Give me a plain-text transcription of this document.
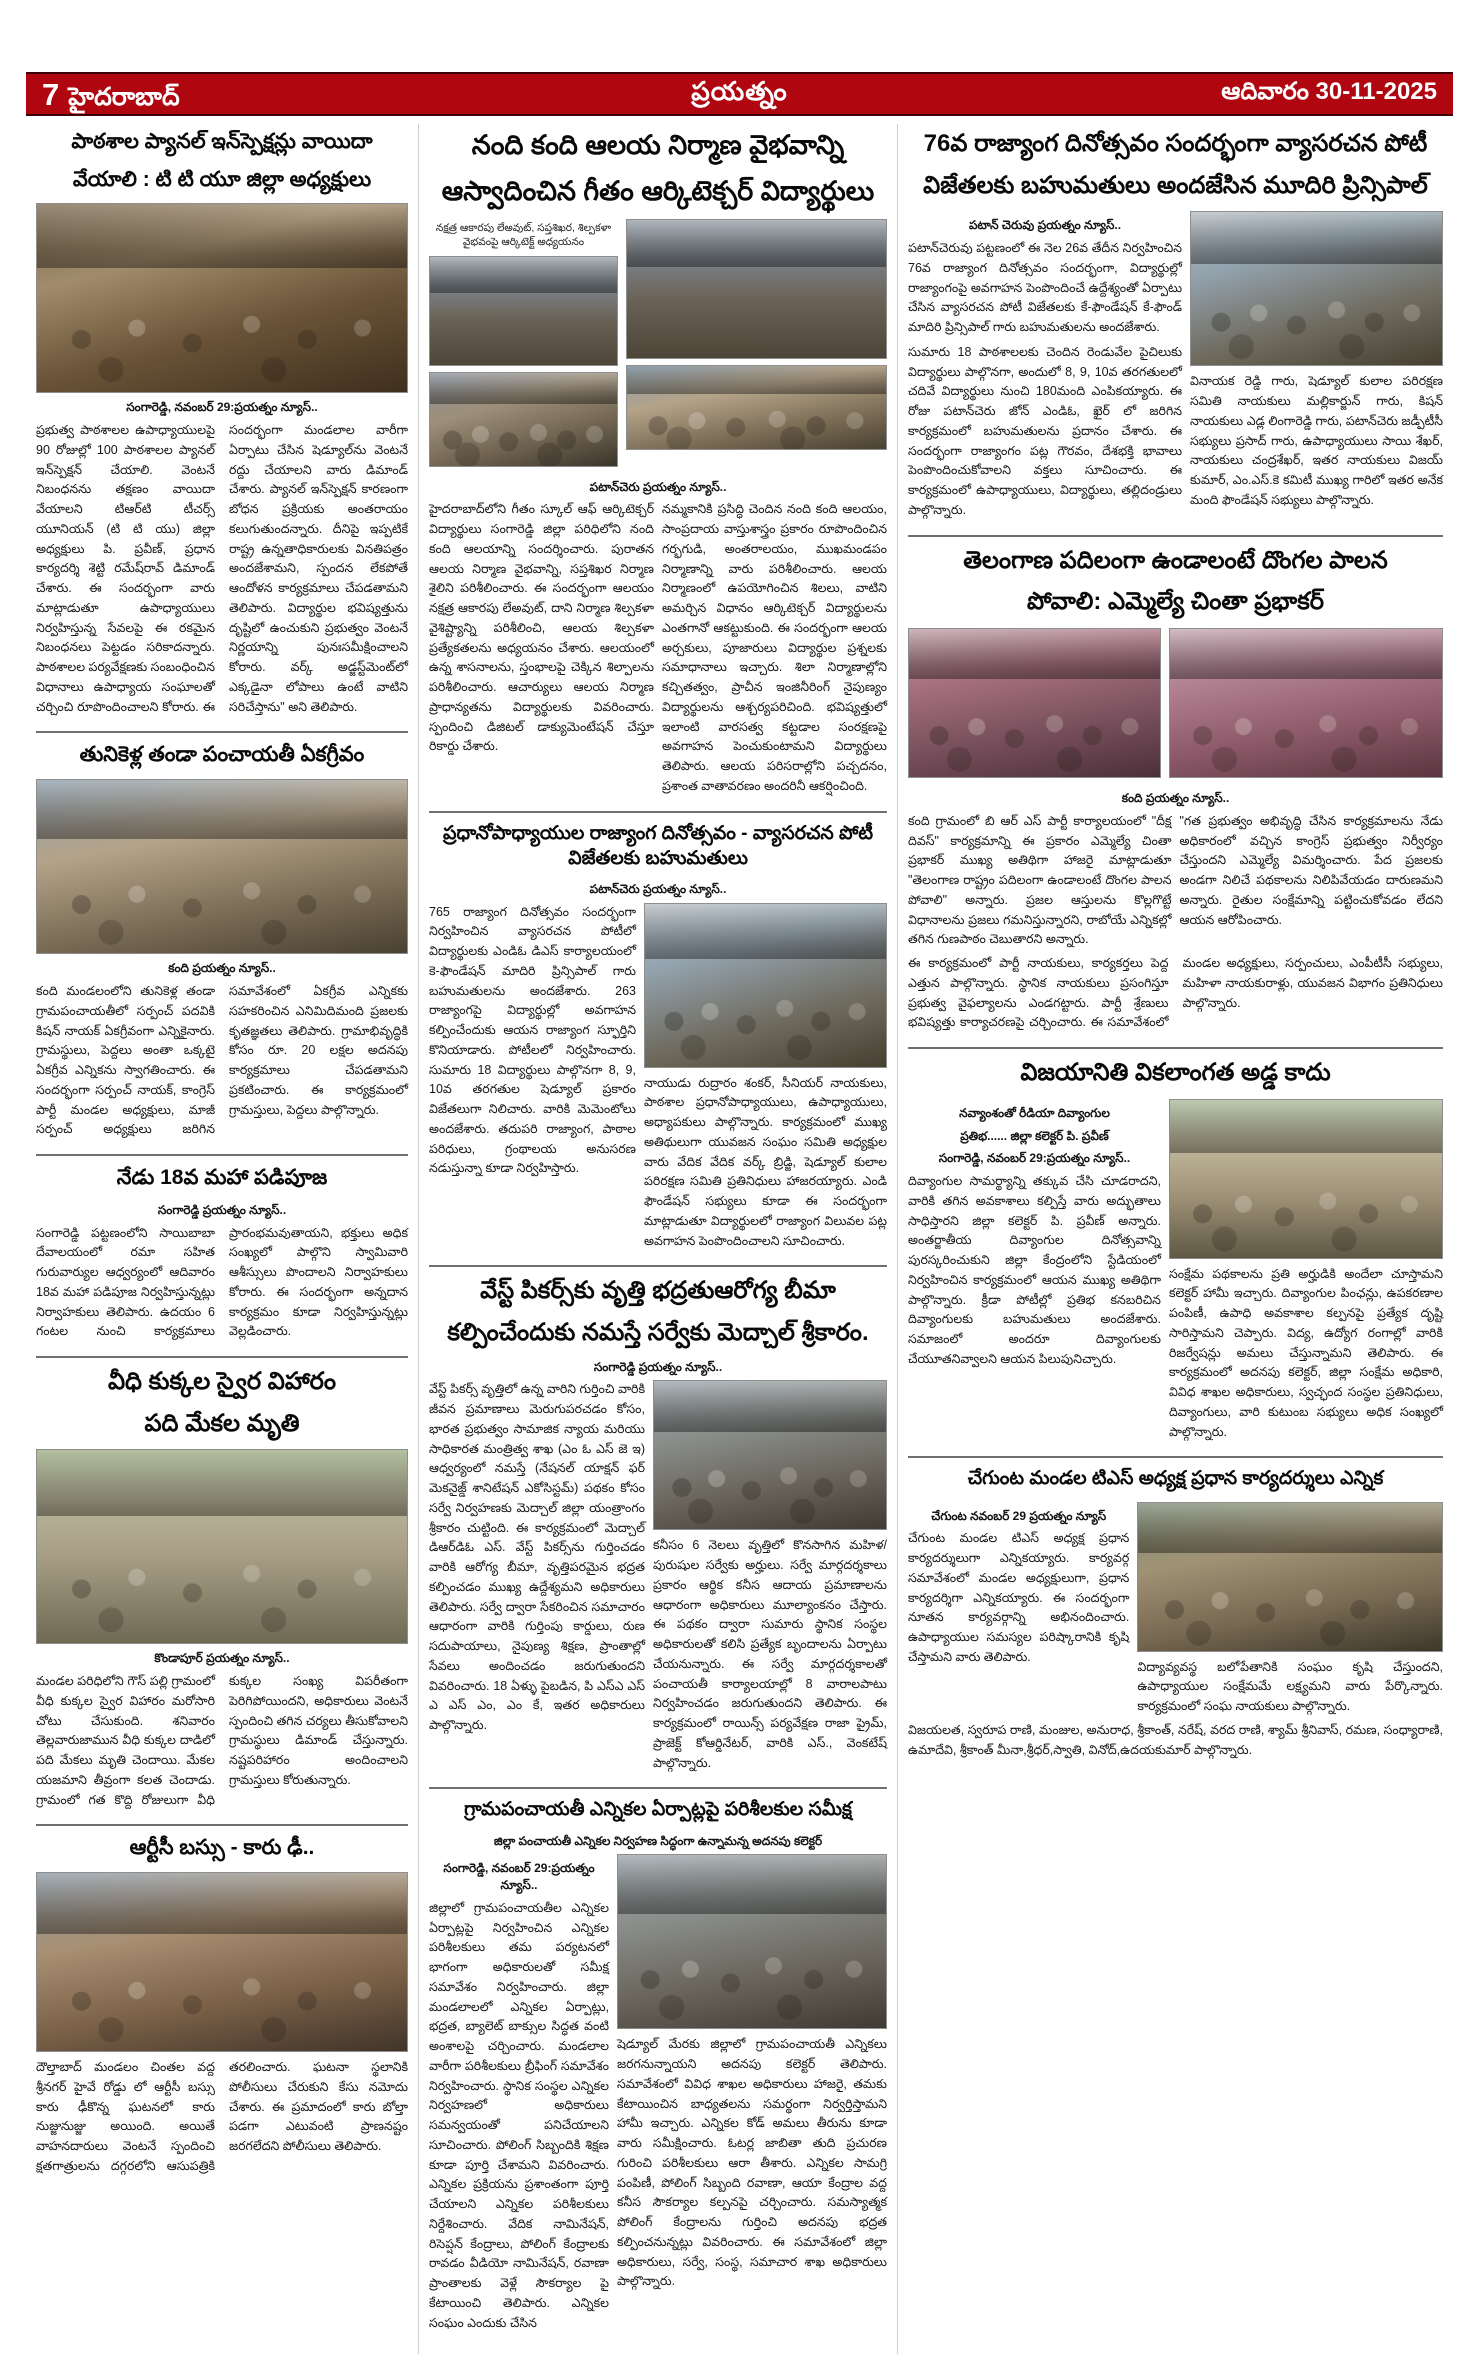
7 హైదరాబాద్	ప్రయత్నం	ఆదివారం 30-11-2025
పాఠశాల ప్యానల్ ఇన్‌స్పెక్షన్లు వాయిదా
వేయాలి : టి టి యూ జిల్లా అధ్యక్షులు
సంగారెడ్డి, నవంబర్ 29:ప్రయత్నం న్యూస్..
ప్రభుత్వ పాఠశాలల ఉపాధ్యాయులపై 90 రోజుల్లో 100 పాఠశాలల ప్యానల్ ఇన్‌స్పెక్షన్ చేయాలి. వెంటనే నిబంధనను తక్షణం వాయిదా వేయాలని టిఆర్‌టి టీచర్స్ యూనియన్ (టి టి యు) జిల్లా అధ్యక్షులు పి. ప్రవీణ్, ప్రధాన కార్యదర్శి శెట్టి రమేష్‌రావ్ డిమాండ్ చేశారు. ఈ సందర్భంగా వారు మాట్లాడుతూ ఉపాధ్యాయులు నిర్వహిస్తున్న సేవలపై ఈ రకమైన నిబంధనలు పెట్టడం సరికాదన్నారు. పాఠశాలల పర్యవేక్షణకు సంబంధించిన విధానాలు ఉపాధ్యాయ సంఘాలతో చర్చించి రూపొందించాలని కోరారు. ఈ సందర్భంగా మండలాల వారీగా ఏర్పాటు చేసిన షెడ్యూల్‌ను వెంటనే రద్దు చేయాలని వారు డిమాండ్ చేశారు. ప్యానల్ ఇన్‌స్పెక్షన్ కారణంగా బోధన ప్రక్రియకు అంతరాయం కలుగుతుందన్నారు. దీనిపై ఇప్పటికే రాష్ట్ర ఉన్నతాధికారులకు వినతిపత్రం అందజేశామని, స్పందన లేకపోతే ఆందోళన కార్యక్రమాలు చేపడతామని తెలిపారు. విద్యార్థుల భవిష్యత్తును దృష్టిలో ఉంచుకుని ప్రభుత్వం వెంటనే నిర్ణయాన్ని పునఃసమీక్షించాలని కోరారు. వర్క్ అడ్జస్ట్‌మెంట్‌లో ఎక్కడైనా లోపాలు ఉంటే వాటిని సరిచేస్తాను" అని తెలిపారు.
తునికెళ్ల తండా పంచాయతీ ఏకగ్రీవం
కంది ప్రయత్నం న్యూస్..
కంది మండలంలోని తునికెళ్ల తండా గ్రామపంచాయతీలో సర్పంచ్ పదవికి కిషన్ నాయక్ ఏకగ్రీవంగా ఎన్నికైనారు. గ్రామస్థులు, పెద్దలు అంతా ఒక్కటై ఏకగ్రీవ ఎన్నికను స్వాగతించారు. ఈ సందర్భంగా సర్పంచ్ నాయక్, కాంగ్రెస్ పార్టీ మండల అధ్యక్షులు, మాజీ సర్పంచ్ అధ్యక్షులు జరిగిన సమావేశంలో ఏకగ్రీవ ఎన్నికకు సహకరించిన ఎనిమిదిమంది ప్రజలకు కృతజ్ఞతలు తెలిపారు. గ్రామాభివృద్ధికి కోసం రూ. 20 లక్షల అదనపు కార్యక్రమాలు చేపడతామని ప్రకటించారు. ఈ కార్యక్రమంలో గ్రామస్తులు, పెద్దలు పాల్గొన్నారు.
నేడు 18వ మహా పడిపూజ
సంగారెడ్డి ప్రయత్నం న్యూస్..
సంగారెడ్డి పట్టణంలోని సాయిబాబా దేవాలయంలో రమా సహిత గురువార్యుల ఆధ్వర్యంలో ఆదివారం 18వ మహా పడిపూజ నిర్వహిస్తున్నట్లు నిర్వాహకులు తెలిపారు. ఉదయం 6 గంటల నుంచి కార్యక్రమాలు ప్రారంభమవుతాయని, భక్తులు అధిక సంఖ్యలో పాల్గొని స్వామివారి ఆశీస్సులు పొందాలని నిర్వాహకులు కోరారు. ఈ సందర్భంగా అన్నదాన కార్యక్రమం కూడా నిర్వహిస్తున్నట్లు వెల్లడించారు.
వీధి కుక్కల స్వైర విహారం
పది మేకల మృతి
కొండాపూర్ ప్రయత్నం న్యూస్..
మండల పరిధిలోని గౌస్ పల్లి గ్రామంలో వీధి కుక్కల స్వైర విహారం మరోసారి చోటు చేసుకుంది. శనివారం తెల్లవారుజామున వీధి కుక్కల దాడిలో పది మేకలు మృతి చెందాయి. మేకల యజమాని తీవ్రంగా కలత చెందాడు. గ్రామంలో గత కొద్ది రోజులుగా వీధి కుక్కల సంఖ్య విపరీతంగా పెరిగిపోయిందని, అధికారులు వెంటనే స్పందించి తగిన చర్యలు తీసుకోవాలని గ్రామస్థులు డిమాండ్ చేస్తున్నారు. నష్టపరిహారం అందించాలని గ్రామస్తులు కోరుతున్నారు.
ఆర్టీసీ బస్సు - కారు ఢీ..
దౌల్తాబాద్ మండలం చింతల వద్ద శ్రీనగర్ హైవే రోడ్డు లో ఆర్టీసీ బస్సు కారు ఢీకొన్న ఘటనలో కారు నుజ్జునుజ్జు అయింది. అయితే వాహనదారులు వెంటనే స్పందించి క్షతగాత్రులను దగ్గరలోని ఆసుపత్రికి తరలించారు. ఘటనా స్థలానికి పోలీసులు చేరుకుని కేసు నమోదు చేశారు. ఈ ప్రమాదంలో కారు బోల్తా పడగా ఎటువంటి ప్రాణనష్టం జరగలేదని పోలీసులు తెలిపారు.
నంది కంది ఆలయ నిర్మాణ వైభవాన్ని
ఆస్వాదించిన గీతం ఆర్కిటెక్చర్ విద్యార్థులు
నక్షత్ర ఆకారపు లేఅవుట్, సప్తశిఖర, శిల్పకళా వైభవంపై ఆర్కిటెక్ట్ అధ్యయనం
పటాన్‌చెరు ప్రయత్నం న్యూస్..
హైదరాబాద్‌లోని గీతం స్కూల్ ఆఫ్ ఆర్కిటెక్చర్ విద్యార్థులు సంగారెడ్డి జిల్లా పరిధిలోని నంది కంది ఆలయాన్ని సందర్శించారు. పురాతన ఆలయ నిర్మాణ వైభవాన్ని, సప్తశిఖర నిర్మాణ శైలిని పరిశీలించారు. ఈ సందర్భంగా ఆలయం నక్షత్ర ఆకారపు లేఅవుట్, దాని నిర్మాణ శిల్పకళా వైశిష్ట్యాన్ని పరిశీలించి, ఆలయ శిల్పకళా ప్రత్యేకతలను అధ్యయనం చేశారు. ఆలయంలో ఉన్న శాసనాలను, స్తంభాలపై చెక్కిన శిల్పాలను పరిశీలించారు. ఆచార్యులు ఆలయ నిర్మాణ ప్రాధాన్యతను విద్యార్థులకు వివరించారు. స్పందించి డిజిటల్ డాక్యుమెంటేషన్ చేస్తూ రికార్డు చేశారు.
నమ్మకానికి ప్రసిద్ధి చెందిన నంది కంది ఆలయం, సాంప్రదాయ వాస్తుశాస్త్రం ప్రకారం రూపొందించిన గర్భగుడి, అంతరాలయం, ముఖమండపం నిర్మాణాన్ని వారు పరిశీలించారు. ఆలయ నిర్మాణంలో ఉపయోగించిన శిలలు, వాటిని అమర్చిన విధానం ఆర్కిటెక్చర్ విద్యార్థులను ఎంతగానో ఆకట్టుకుంది. ఈ సందర్భంగా ఆలయ అర్చకులు, పూజారులు విద్యార్థుల ప్రశ్నలకు సమాధానాలు ఇచ్చారు. శిలా నిర్మాణాల్లోని కచ్చితత్వం, ప్రాచీన ఇంజినీరింగ్ నైపుణ్యం విద్యార్థులను ఆశ్చర్యపరిచింది. భవిష్యత్తులో ఇలాంటి వారసత్వ కట్టడాల సంరక్షణపై అవగాహన పెంచుకుంటామని విద్యార్థులు తెలిపారు. ఆలయ పరిసరాల్లోని పచ్చదనం, ప్రశాంత వాతావరణం అందరినీ ఆకర్షించింది.
ప్రధానోపాధ్యాయుల రాజ్యాంగ దినోత్సవం - వ్యాసరచన పోటీ విజేతలకు బహుమతులు
పటాన్‌చెరు ప్రయత్నం న్యూస్..
765 రాజ్యాంగ దినోత్సవం సందర్భంగా నిర్వహించిన వ్యాసరచన పోటీలో విద్యార్థులకు ఎండిఓ డిఎస్ కార్యాలయంలో కె-ఫౌండేషన్ మాదిరి ప్రిన్సిపాల్ గారు బహుమతులను అందజేశారు. 263 రాజ్యాంగపై విద్యార్థుల్లో అవగాహన కల్పించేందుకు ఆయన రాజ్యాంగ స్ఫూర్తిని కొనియాడారు. పోటీలలో నిర్వహించారు. సుమారు 18 విద్యార్థులు పాల్గొనగా 8, 9, 10వ తరగతుల షెడ్యూల్ ప్రకారం విజేతలుగా నిలిచారు. వారికి మెమెంటోలు అందజేశారు. తదుపరి రాజ్యాంగ, పాఠాల పరిధులు, గ్రంథాలయ అనుసరణ నడుస్తున్నా కూడా నిర్వహిస్తారు.
నాయుడు రుద్రారం శంకర్, సీనియర్ నాయకులు, పాఠశాల ప్రధానోపాధ్యాయులు, ఉపాధ్యాయులు, అధ్యాపకులు పాల్గొన్నారు. కార్యక్రమంలో ముఖ్య అతిథులుగా యువజన సంఘం సమితి అధ్యక్షుల వారు వేదిక వేదిక వర్క్ బ్రిడ్జి, షెడ్యూల్ కులాల పరిరక్షణ సమితి ప్రతినిధులు హాజరయ్యారు. ఎండి ఫౌండేషన్ సభ్యులు కూడా ఈ సందర్భంగా మాట్లాడుతూ విద్యార్థులలో రాజ్యాంగ విలువల పట్ల అవగాహన పెంపొందించాలని సూచించారు.
వేస్ట్ పికర్స్‌కు వృత్తి భద్రతుఆరోగ్య బీమా
కల్పించేందుకు నమస్తే సర్వేకు మెద్చాల్ శ్రీకారం.
సంగారెడ్డి ప్రయత్నం న్యూస్..
వేస్ట్ పికర్స్ వృత్తిలో ఉన్న వారిని గుర్తించి వారికి జీవన ప్రమాణాలు మెరుగుపరచడం కోసం, భారత ప్రభుత్వం సామాజిక న్యాయ మరియు సాధికారత మంత్రిత్వ శాఖ (ఎం ఓ ఎస్ జె ఇ) ఆధ్వర్యంలో నమస్తే (నేషనల్ యాక్షన్ ఫర్ మెకనైజ్డ్ శానిటేషన్ ఎకోసిస్టమ్) పథకం కోసం సర్వే నిర్వహణకు మెద్చాల్ జిల్లా యంత్రాంగం శ్రీకారం చుట్టింది. ఈ కార్యక్రమంలో మెద్చాల్ డిఆర్‌డిఓ ఎస్. వేస్ట్ పికర్స్‌ను గుర్తించడం వారికి ఆరోగ్య బీమా, వృత్తిపరమైన భద్రత కల్పించడం ముఖ్య ఉద్దేశ్యమని అధికారులు తెలిపారు. సర్వే ద్వారా సేకరించిన సమాచారం ఆధారంగా వారికి గుర్తింపు కార్డులు, రుణ సదుపాయాలు, నైపుణ్య శిక్షణ, ప్రాంతాల్లో సేవలు అందించడం జరుగుతుందని వివరించారు. 18 ఏళ్ళు పైబడిన, పి ఎస్‌ఎ ఎస్ ఎ ఎస్ ఎం, ఎం కే, ఇతర అధికారులు పాల్గొన్నారు.
కనీసం 6 నెలలు వృత్తిలో కొనసాగిన మహిళ/పురుషుల సర్వేకు అర్హులు. సర్వే మార్గదర్శకాలు ప్రకారం ఆర్థిక కనీస ఆదాయ ప్రమాణాలను ఆధారంగా అధికారులు మూల్యాంకనం చేస్తారు. ఈ పథకం ద్వారా సుమారు స్థానిక సంస్థల అధికారులతో కలిసి ప్రత్యేక బృందాలను ఏర్పాటు చేయనున్నారు. ఈ సర్వే మార్గదర్శకాలతో పంచాయతీ కార్యాలయాల్లో 8 వారాలపాటు నిర్వహించడం జరుగుతుందని తెలిపారు. ఈ కార్యక్రమంలో రాయిన్స్ పర్యవేక్షణ రాజా ప్రైమ్, ప్రాజెక్ట్ కోఆర్డినేటర్, వారికి ఎస్., వెంకటేష్ పాల్గొన్నారు.
గ్రామపంచాయతీ ఎన్నికల ఏర్పాట్లపై పరిశీలకుల సమీక్ష
జిల్లా పంచాయతీ ఎన్నికల నిర్వహణ సిద్ధంగా ఉన్నామన్న అదనపు కలెక్టర్
సంగారెడ్డి, నవంబర్ 29:ప్రయత్నం న్యూస్..
జిల్లాలో గ్రామపంచాయతీల ఎన్నికల ఏర్పాట్లపై నిర్వహించిన ఎన్నికల పరిశీలకులు తమ పర్యటనలో భాగంగా అధికారులతో సమీక్ష సమావేశం నిర్వహించారు. జిల్లా మండలాలలో ఎన్నికల ఏర్పాట్లు, భద్రత, బ్యాలెట్ బాక్సుల సిద్ధత వంటి అంశాలపై చర్చించారు. మండలాల వారీగా పరిశీలకులు బ్రీఫింగ్ సమావేశం నిర్వహించారు. స్థానిక సంస్థల ఎన్నికల నిర్వహణలో అధికారులు సమన్వయంతో పనిచేయాలని సూచించారు. పోలింగ్ సిబ్బందికి శిక్షణ కూడా పూర్తి చేశామని వివరించారు. ఎన్నికల ప్రక్రియను ప్రశాంతంగా పూర్తి చేయాలని ఎన్నికల పరిశీలకులు నిర్దేశించారు. వేదిక నామినేషన్, రిసెప్షన్ కేంద్రాలు, పోలింగ్ కేంద్రాలకు రావడం వీడియో నామినేషన్, రవాణా ప్రాంతాలకు వెళ్లే సౌకర్యాల పై కేటాయించి తెలిపారు. ఎన్నికల సంఘం ఎందుకు చేసిన
షెడ్యూల్ మేరకు జిల్లాలో గ్రామపంచాయతీ ఎన్నికలు జరగనున్నాయని అదనపు కలెక్టర్ తెలిపారు. సమావేశంలో వివిధ శాఖల అధికారులు హాజరై, తమకు కేటాయించిన బాధ్యతలను సమర్థంగా నిర్వర్తిస్తామని హామీ ఇచ్చారు. ఎన్నికల కోడ్ అమలు తీరును కూడా వారు సమీక్షించారు. ఓటర్ల జాబితా తుది ప్రచురణ గురించి పరిశీలకులు ఆరా తీశారు. ఎన్నికల సామగ్రి పంపిణీ, పోలింగ్ సిబ్బంది రవాణా, ఆయా కేంద్రాల వద్ద కనీస సౌకర్యాల కల్పనపై చర్చించారు. సమస్యాత్మక పోలింగ్ కేంద్రాలను గుర్తించి అదనపు భద్రత కల్పించనున్నట్లు వివరించారు. ఈ సమావేశంలో జిల్లా అధికారులు, సర్వే, సంస్థ, సమాచార శాఖ అధికారులు పాల్గొన్నారు.
76వ రాజ్యాంగ దినోత్సవం సందర్భంగా వ్యాసరచన పోటీ
విజేతలకు బహుమతులు అందజేసిన మూదిరి ప్రిన్సిపాల్
పటాన్ చెరువు ప్రయత్నం న్యూస్..
పటాన్‌చెరువు పట్టణంలో ఈ నెల 26వ తేదీన నిర్వహించిన 76వ రాజ్యాంగ దినోత్సవం సందర్భంగా, విద్యార్థుల్లో రాజ్యాంగంపై అవగాహన పెంపొందించే ఉద్దేశ్యంతో ఏర్పాటు చేసిన వ్యాసరచన పోటీ విజేతలకు కే-ఫౌండేషన్ కే-ఫౌండ్ మాదిరి ప్రిన్సిపాల్ గారు బహుమతులను అందజేశారు.
సుమారు 18 పాఠశాలలకు చెందిన రెండువేల పైచిలుకు విద్యార్థులు పాల్గొనగా, అందులో 8, 9, 10వ తరగతులలో చదివే విద్యార్థులు నుంచి 180మంది ఎంపికయ్యారు. ఈ రోజు పటాన్‌చెరు జోన్ ఎండిఓ, ఖైర్ లో జరిగిన కార్యక్రమంలో బహుమతులను ప్రదానం చేశారు. ఈ సందర్భంగా రాజ్యాంగం పట్ల గౌరవం, దేశభక్తి భావాలు పెంపొందించుకోవాలని వక్తలు సూచించారు. ఈ కార్యక్రమంలో ఉపాధ్యాయులు, విద్యార్థులు, తల్లిదండ్రులు పాల్గొన్నారు.
వినాయక రెడ్డి గారు, షెడ్యూల్ కులాల పరిరక్షణ సమితి నాయకులు మల్లికార్జున్ గారు, కిషన్ నాయకులు ఎడ్ల లింగారెడ్డి గారు, పటాన్‌చెరు జడ్పీటీసీ సభ్యులు ప్రసాద్ గారు, ఉపాధ్యాయులు సాయి శేఖర్, నాయకులు చంద్రశేఖర్, ఇతర నాయకులు విజయ్ కుమార్, ఎం.ఎస్.కె కమిటీ ముఖ్య గారిలో ఇతర అనేక మంది ఫౌండేషన్ సభ్యులు పాల్గొన్నారు.
తెలంగాణ పదిలంగా ఉండాలంటే దొంగల పాలన
పోవాలి: ఎమ్మెల్యే చింతా ప్రభాకర్
కంది ప్రయత్నం న్యూస్..
కంది గ్రామంలో బి ఆర్ ఎస్ పార్టీ కార్యాలయంలో "దీక్ష దివస్" కార్యక్రమాన్ని ఈ ప్రకారం ఎమ్మెల్యే చింతా ప్రభాకర్ ముఖ్య అతిథిగా హాజరై మాట్లాడుతూ "తెలంగాణ రాష్ట్రం పదిలంగా ఉండాలంటే దొంగల పాలన పోవాలి" అన్నారు. ప్రజల ఆస్తులను కొల్లగొట్టే విధానాలను ప్రజలు గమనిస్తున్నారని, రాబోయే ఎన్నికల్లో తగిన గుణపాఠం చెబుతారని అన్నారు.
"గత ప్రభుత్వం అభివృద్ధి చేసిన కార్యక్రమాలను నేడు అధికారంలో వచ్చిన కాంగ్రెస్ ప్రభుత్వం నిర్వీర్యం చేస్తుందని ఎమ్మెల్యే విమర్శించారు. పేద ప్రజలకు అండగా నిలిచే పథకాలను నిలిపివేయడం దారుణమని అన్నారు. రైతుల సంక్షేమాన్ని పట్టించుకోవడం లేదని ఆయన ఆరోపించారు.
ఈ కార్యక్రమంలో పార్టీ నాయకులు, కార్యకర్తలు పెద్ద ఎత్తున పాల్గొన్నారు. స్థానిక నాయకులు ప్రసంగిస్తూ ప్రభుత్వ వైఫల్యాలను ఎండగట్టారు. పార్టీ శ్రేణులు భవిష్యత్తు కార్యాచరణపై చర్చించారు. ఈ సమావేశంలో మండల అధ్యక్షులు, సర్పంచులు, ఎంపీటీసీ సభ్యులు, మహిళా నాయకురాళ్లు, యువజన విభాగం ప్రతినిధులు పాల్గొన్నారు.
విజయానితి వికలాంగత అడ్డ కాదు
నవ్యాంశంతో రీడియా దివ్యాంగుల
ప్రతిభ...... జిల్లా కలెక్టర్ పి. ప్రవీణ్
సంగారెడ్డి, నవంబర్ 29:ప్రయత్నం న్యూస్..
దివ్యాంగుల సామర్థ్యాన్ని తక్కువ చేసి చూడరాదని, వారికి తగిన అవకాశాలు కల్పిస్తే వారు అద్భుతాలు సాధిస్తారని జిల్లా కలెక్టర్ పి. ప్రవీణ్ అన్నారు. అంతర్జాతీయ దివ్యాంగుల దినోత్సవాన్ని పురస్కరించుకుని జిల్లా కేంద్రంలోని స్టేడియంలో నిర్వహించిన కార్యక్రమంలో ఆయన ముఖ్య అతిథిగా పాల్గొన్నారు. క్రీడా పోటీల్లో ప్రతిభ కనబరిచిన దివ్యాంగులకు బహుమతులు అందజేశారు. సమాజంలో అందరూ దివ్యాంగులకు చేయూతనివ్వాలని ఆయన పిలుపునిచ్చారు.
సంక్షేమ పథకాలను ప్రతి అర్హుడికి అందేలా చూస్తామని కలెక్టర్ హామీ ఇచ్చారు. దివ్యాంగుల పింఛన్లు, ఉపకరణాల పంపిణీ, ఉపాధి అవకాశాల కల్పనపై ప్రత్యేక దృష్టి సారిస్తామని చెప్పారు. విద్య, ఉద్యోగ రంగాల్లో వారికి రిజర్వేషన్లు అమలు చేస్తున్నామని తెలిపారు. ఈ కార్యక్రమంలో అదనపు కలెక్టర్, జిల్లా సంక్షేమ అధికారి, వివిధ శాఖల అధికారులు, స్వచ్ఛంద సంస్థల ప్రతినిధులు, దివ్యాంగులు, వారి కుటుంబ సభ్యులు అధిక సంఖ్యలో పాల్గొన్నారు.
చేగుంట మండల టిఎస్ అధ్యక్ష ప్రధాన కార్యదర్శులు ఎన్నిక
చేగుంట నవంబర్ 29 ప్రయత్నం న్యూస్
చేగుంట మండల టిఎస్ అధ్యక్ష ప్రధాన కార్యదర్శులుగా ఎన్నికయ్యారు. కార్యవర్గ సమావేశంలో మండల అధ్యక్షులుగా, ప్రధాన కార్యదర్శిగా ఎన్నికయ్యారు. ఈ సందర్భంగా నూతన కార్యవర్గాన్ని అభినందించారు. ఉపాధ్యాయుల సమస్యల పరిష్కారానికి కృషి చేస్తామని వారు తెలిపారు.
విద్యావ్యవస్థ బలోపేతానికి సంఘం కృషి చేస్తుందని, ఉపాధ్యాయుల సంక్షేమమే లక్ష్యమని వారు పేర్కొన్నారు. కార్యక్రమంలో సంఘ నాయకులు పాల్గొన్నారు.
విజయలత, స్వరూప రాణి, మంజుల, అనురాధ, శ్రీకాంత్, నరేష్, వరద రాణి, శ్యామ్ శ్రీనివాస్, రమణ, సంధ్యారాణి, ఉమాదేవి, శ్రీకాంత్ మీనా,శ్రీధర్,స్వాతి, వినోద్,ఉదయకుమార్ పాల్గొన్నారు.
